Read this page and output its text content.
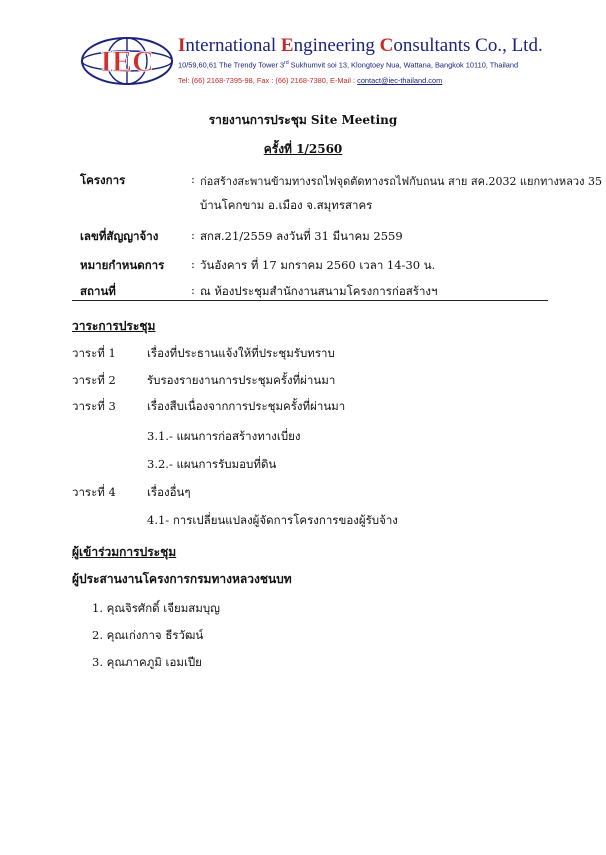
IEC International Engineering Consultants Co., Ltd.
10/59,60,61 The Trendy Tower 3rd Sukhumvit soi 13, Klongtoey Nua, Wattana, Bangkok 10110, Thailand
Tel: (66) 2168-7395-98, Fax : (66) 2168-7380, E-Mail : contact@iec-thailand.com
รายงานการประชุม Site Meeting
ครั้งที่ 1/2560
โครงการ	: ก่อสร้างสะพานข้ามทางรถไฟจุดตัดทางรถไฟกับถนน สาย สค.2032 แยกทางหลวง 35
บ้านโคกขาม อ.เมือง จ.สมุทรสาคร
เลขที่สัญญาจ้าง	: สกส.21/2559 ลงวันที่ 31 มีนาคม 2559
หมายกำหนดการ : วันอังคาร ที่ 17 มกราคม 2560 เวลา 14-30 น.
สถานที่	: ณ ห้องประชุมสำนักงานสนามโครงการก่อสร้างฯ
วาระการประชุม
วาระที่ 1	เรื่องที่ประธานแจ้งให้ที่ประชุมรับทราบ
วาระที่ 2	รับรองรายงานการประชุมครั้งที่ผ่านมา
วาระที่ 3	เรื่องสืบเนื่องจากการประชุมครั้งที่ผ่านมา
3.1.- แผนการก่อสร้างทางเบี่ยง
3.2.- แผนการรับมอบที่ดิน
วาระที่ 4	เรื่องอื่นๆ
4.1- การเปลี่ยนแปลงผู้จัดการโครงการของผู้รับจ้าง
ผู้เข้าร่วมการประชุม
ผู้ประสานงานโครงการกรมทางหลวงชนบท
1. คุณจิรศักดิ์ เจียมสมบุญ
2. คุณเก่งกาจ ธีรวัฒน์
3. คุณภาคภูมิ เอมเปีย
